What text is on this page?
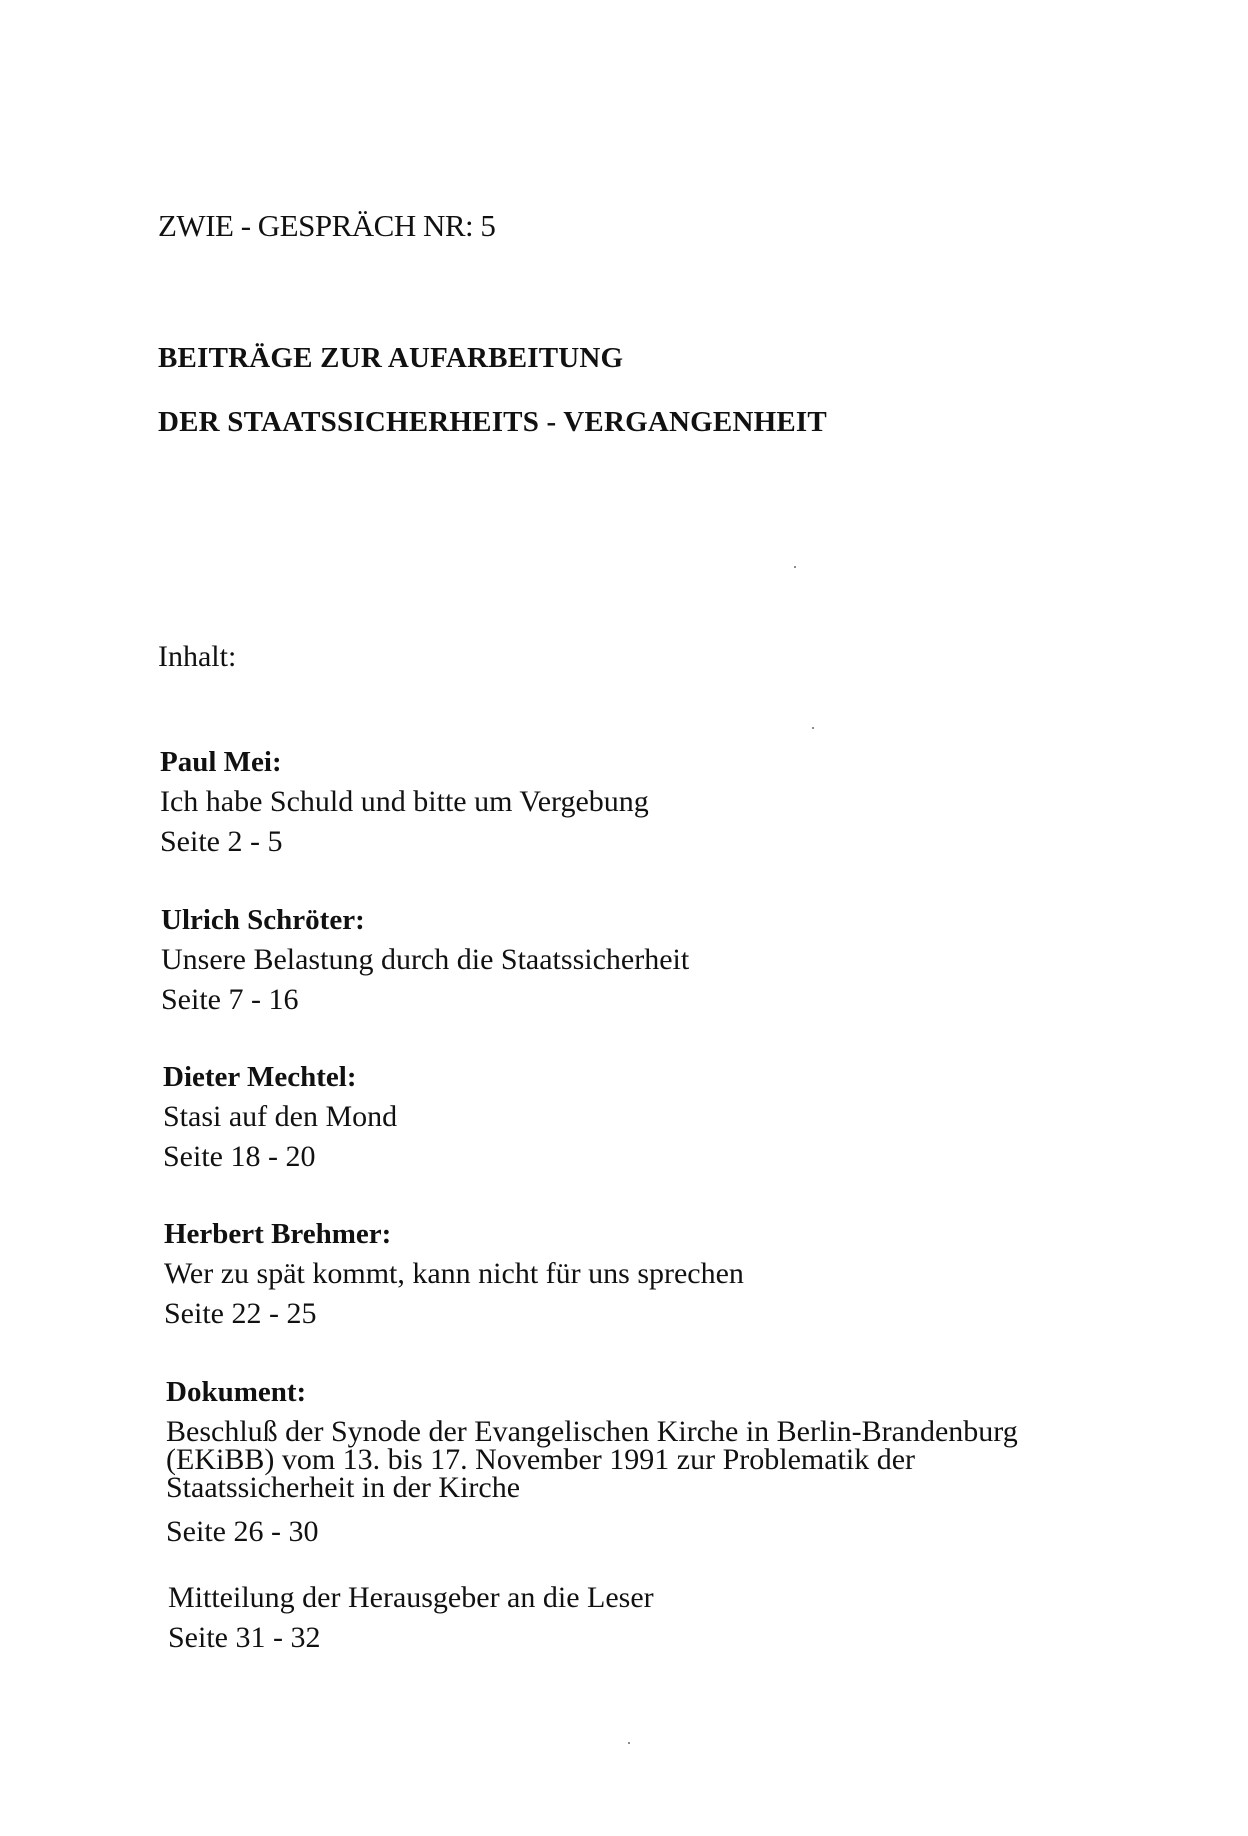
ZWIE - GESPRÄCH NR: 5
BEITRÄGE ZUR AUFARBEITUNG
DER STAATSSICHERHEITS - VERGANGENHEIT
Inhalt:
Paul Mei:
Ich habe Schuld und bitte um Vergebung
Seite 2 - 5
Ulrich Schröter:
Unsere Belastung durch die Staatssicherheit
Seite 7 - 16
Dieter Mechtel:
Stasi auf den Mond
Seite 18 - 20
Herbert Brehmer:
Wer zu spät kommt, kann nicht für uns sprechen
Seite 22 - 25
Dokument:
Beschluß der Synode der Evangelischen Kirche in Berlin-Brandenburg (EKiBB) vom 13. bis 17. November 1991 zur Problematik der Staatssicherheit in der Kirche
Seite 26 - 30
Mitteilung der Herausgeber an die Leser
Seite 31 - 32
